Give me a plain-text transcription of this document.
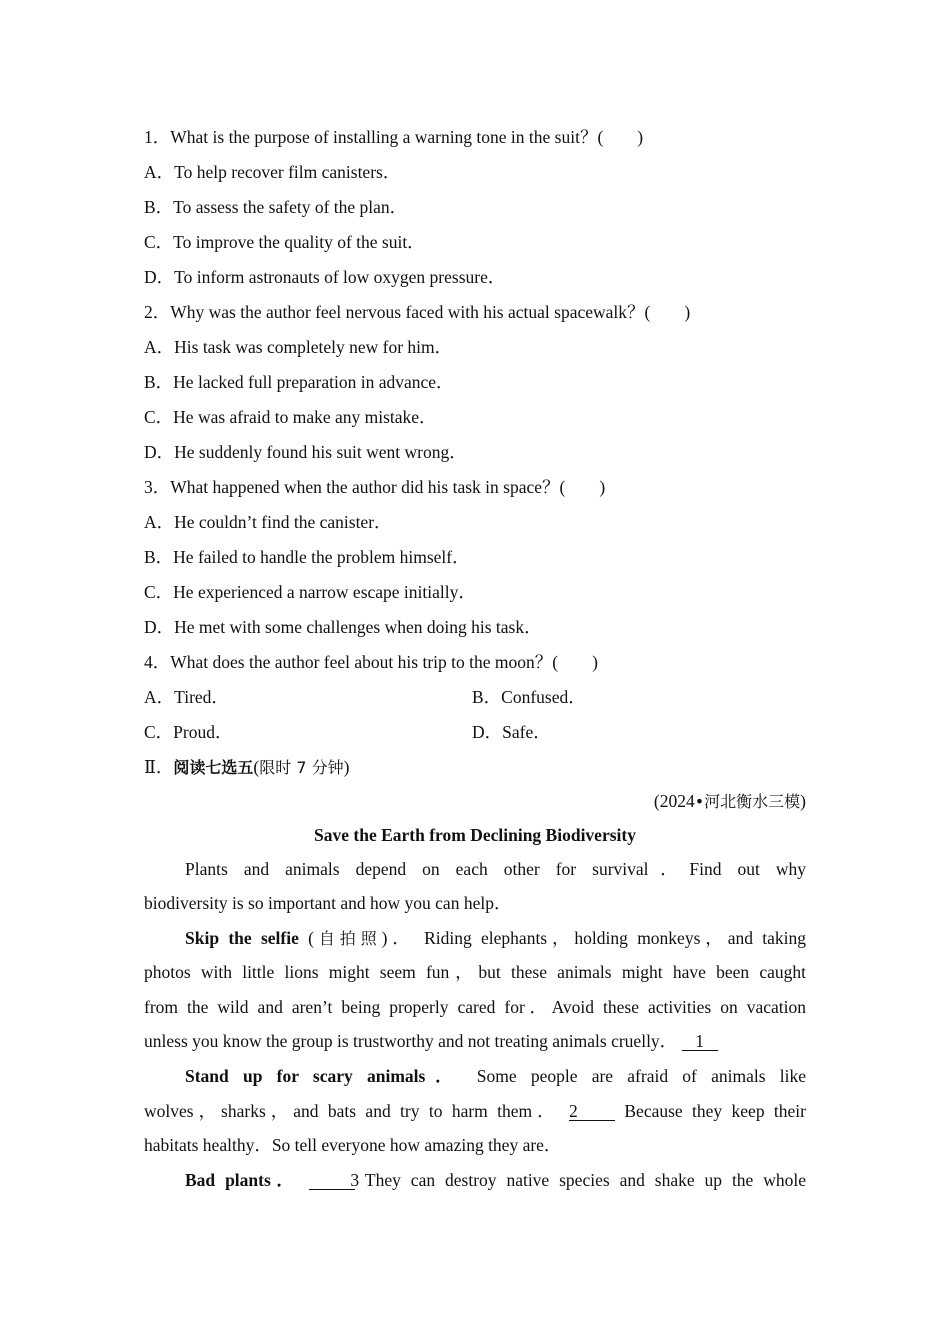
1．What is the purpose of installing a warning tone in the suit？( )
A．To help recover film canisters．
B．To assess the safety of the plan．
C．To improve the quality of the suit．
D．To inform astronauts of low oxygen pressure．
2．Why was the author feel nervous faced with his actual spacewalk？( )
A．His task was completely new for him．
B．He lacked full preparation in advance．
C．He was afraid to make any mistake．
D．He suddenly found his suit went wrong．
3．What happened when the author did his task in space？( )
A．He couldn’t find the canister．
B．He failed to handle the problem himself．
C．He experienced a narrow escape initially．
D．He met with some challenges when doing his task．
4．What does the author feel about his trip to the moon？( )
A．Tired．	B．Confused．
C．Proud．	D．Safe．
Ⅱ．阅读七选五(限时 7 分钟)
(2024•河北衡水三模)
Save the Earth from Declining Biodiversity
Plants and animals depend on each other for survival．Find out why
biodiversity is so important and how you can help．
Skip the selfie (自拍照)． Riding elephants，holding monkeys，and taking
photos with little lions might seem fun，but these animals might have been caught
from the wild and aren’t being properly cared for．Avoid these activities on vacation
unless you know the group is trustworthy and not treating animals cruelly． 1
Stand up for scary animals． Some people are afraid of animals like
wolves，sharks，and bats and try to harm them． 2	Because they keep their
habitats healthy．So tell everyone how amazing they are．
Bad plants．	3 They can destroy native species and shake up the whole
